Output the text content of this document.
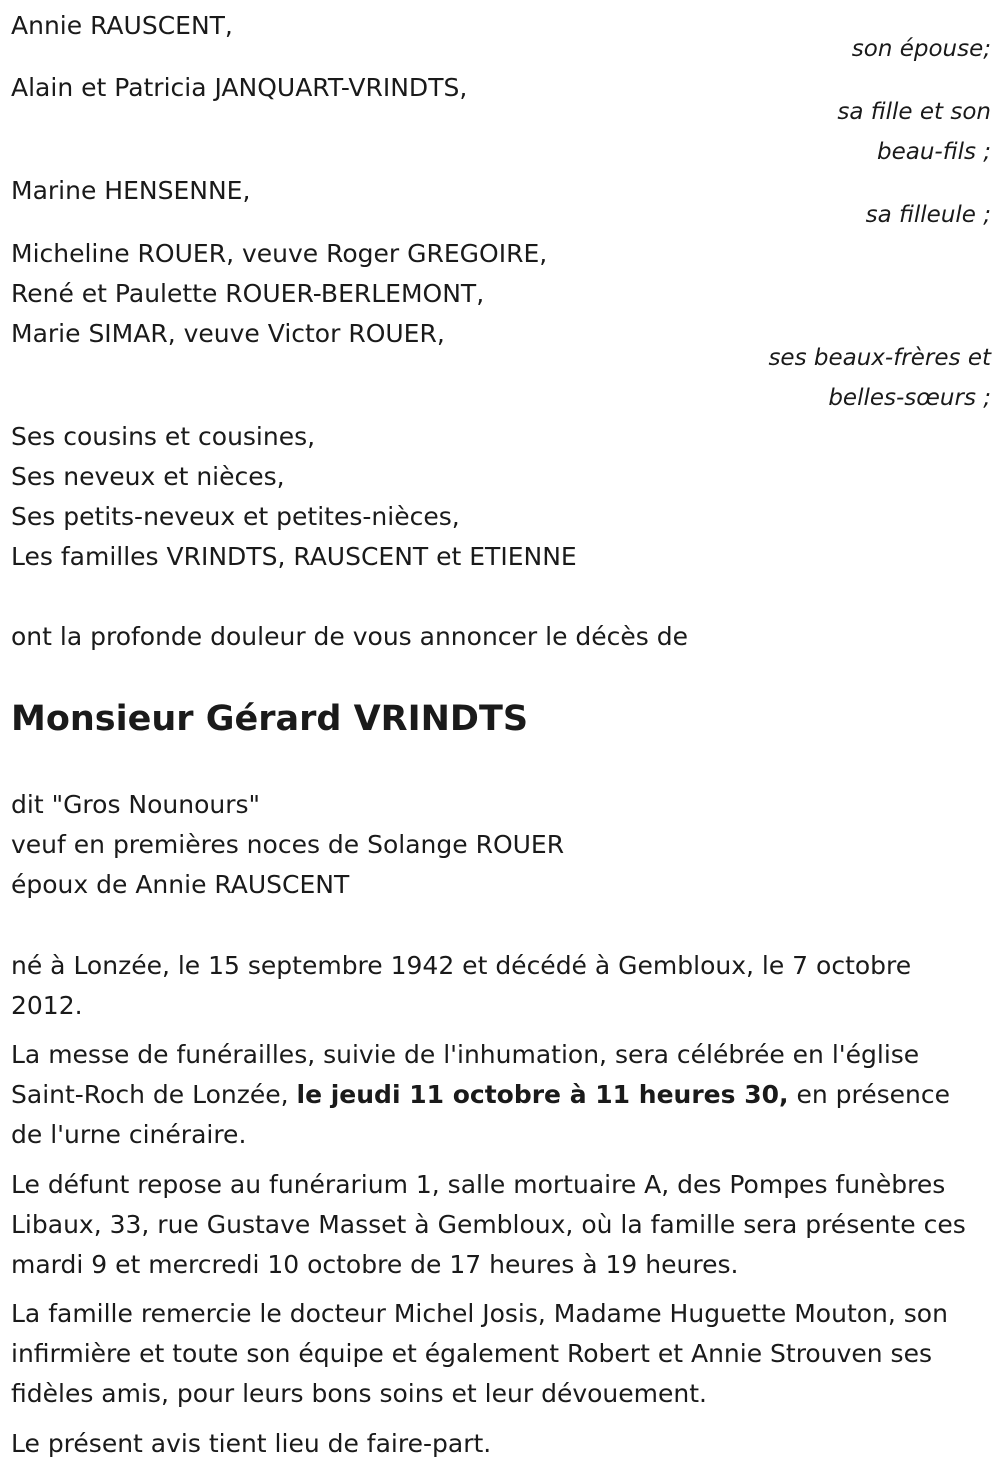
Annie RAUSCENT,
son épouse;
Alain et Patricia JANQUART-VRINDTS,
sa fille et son
beau-fils ;
Marine HENSENNE,
sa filleule ;
Micheline ROUER, veuve Roger GREGOIRE,
René et Paulette ROUER-BERLEMONT,
Marie SIMAR, veuve Victor ROUER,
ses beaux-frères et
belles-sœurs ;
Ses cousins et cousines,
Ses neveux et nièces,
Ses petits-neveux et petites-nièces,
Les familles VRINDTS, RAUSCENT et ETIENNE
ont la profonde douleur de vous annoncer le décès de
Monsieur Gérard VRINDTS
dit "Gros Nounours"
veuf en premières noces de Solange ROUER
époux de Annie RAUSCENT
né à Lonzée, le 15 septembre 1942 et décédé à Gembloux, le 7 octobre 2012.
La messe de funérailles, suivie de l'inhumation, sera célébrée en l'église Saint-Roch de Lonzée, le jeudi 11 octobre à 11 heures 30, en présence de l'urne cinéraire.
Le défunt repose au funérarium 1, salle mortuaire A, des Pompes funèbres Libaux, 33, rue Gustave Masset à Gembloux, où la famille sera présente ces mardi 9 et mercredi 10 octobre de 17 heures à 19 heures.
La famille remercie le docteur Michel Josis, Madame Huguette Mouton, son infirmière et toute son équipe et également Robert et Annie Strouven ses fidèles amis, pour leurs bons soins et leur dévouement.
Le présent avis tient lieu de faire-part.
